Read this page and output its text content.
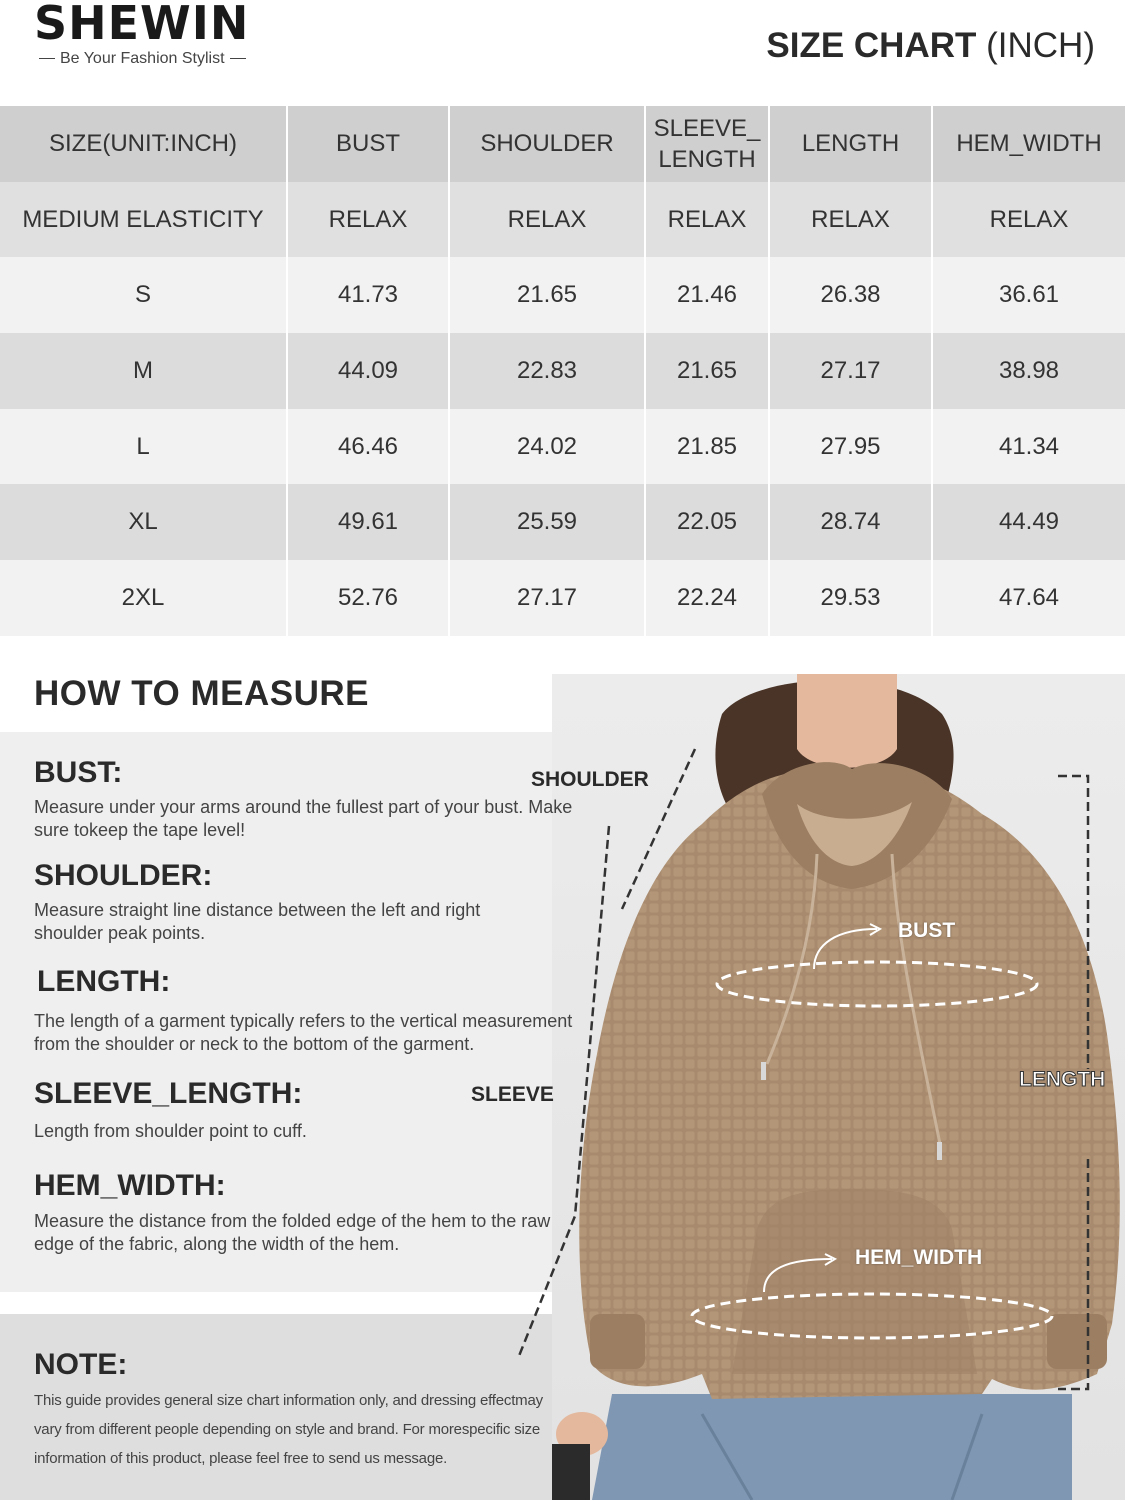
SHEWIN
Be Your Fashion Stylist	SIZE CHART (INCH)
SIZE(UNIT:INCH)	BUST	SHOULDER	SLEEVE_ LENGTH	LENGTH	HEM_WIDTH
MEDIUM ELASTICITY	RELAX	RELAX	RELAX	RELAX	RELAX
S	41.73	21.65	21.46	26.38	36.61
M	44.09	22.83	21.65	27.17	38.98
L	46.46	24.02	21.85	27.95	41.34
XL	49.61	25.59	22.05	28.74	44.49
2XL	52.76	27.17	22.24	29.53	47.64
HOW TO MEASURE
BUST:
Measure under your arms around the fullest part of your bust. Make sure tokeep the tape level!
SHOULDER:
Measure straight line distance between the left and right shoulder peak points.
LENGTH:
The length of a garment typically refers to the vertical measurement from the shoulder or neck to the bottom of the garment.
SLEEVE_LENGTH:
Length from shoulder point to cuff.
HEM_WIDTH:
Measure the distance from the folded edge of the hem to the raw edge of the fabric, along the width of the hem.
NOTE:
This guide provides general size chart information only, and dressing effectmay vary from different people depending on style and brand. For morespecific size information of this product, please feel free to send us message.
SHOULDER
SLEEVE
BUST
LENGTH
HEM_WIDTH
